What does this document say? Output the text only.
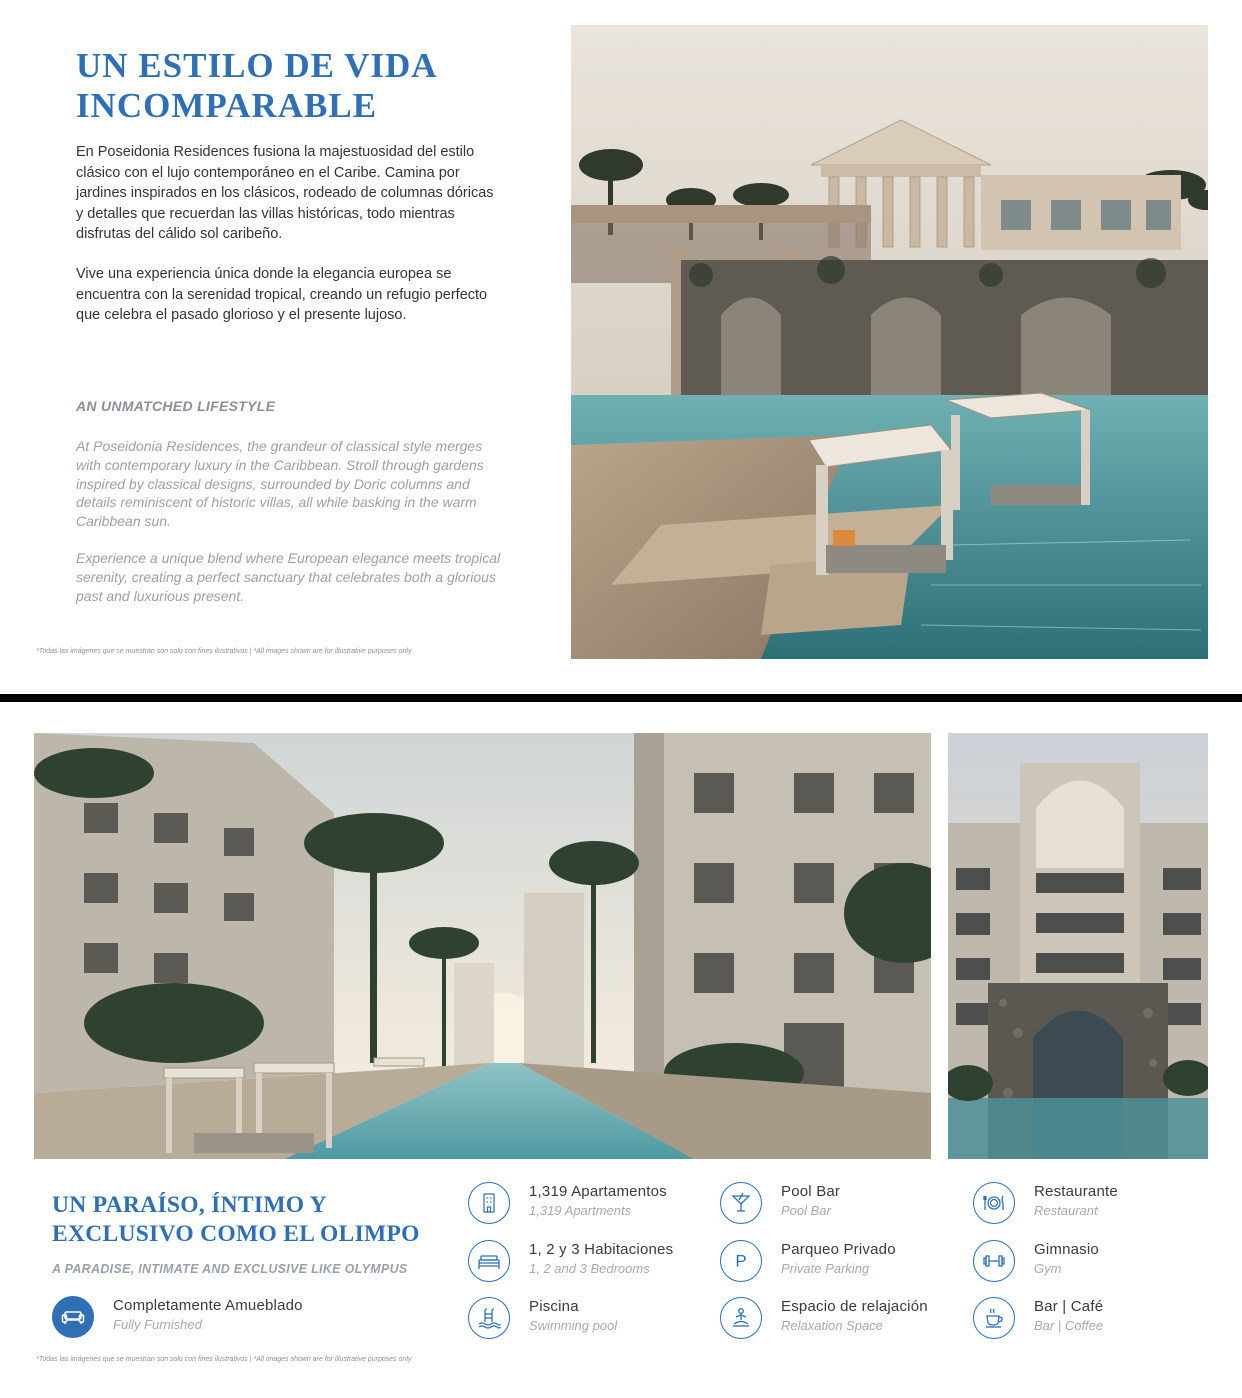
UN ESTILO DE VIDA
INCOMPARABLE

En Poseidonia Residences fusiona la majestuosidad del estilo clásico con el lujo contemporáneo en el Caribe. Camina por jardines inspirados en los clásicos, rodeado de columnas dóricas y detalles que recuerdan las villas históricas, todo mientras disfrutas del cálido sol caribeño.

Vive una experiencia única donde la elegancia europea se encuentra con la serenidad tropical, creando un refugio perfecto que celebra el pasado glorioso y el presente lujoso.

AN UNMATCHED LIFESTYLE

At Poseidonia Residences, the grandeur of classical style merges with contemporary luxury in the Caribbean. Stroll through gardens inspired by classical designs, surrounded by Doric columns and details reminiscent of historic villas, all while basking in the warm Caribbean sun.

Experience a unique blend where European elegance meets tropical serenity, creating a perfect sanctuary that celebrates both a glorious past and luxurious present.

*Todas las imágenes que se muestran son solo con fines ilustrativos | *All images shown are for illustrative purposes only
UN PARAÍSO, ÍNTIMO Y
EXCLUSIVO COMO EL OLIMPO
A PARADISE, INTIMATE AND EXCLUSIVE LIKE OLYMPUS
Completamente Amueblado
Fully Furnished
1,319 Apartamentos
1,319 Apartments
1, 2 y 3 Habitaciones
1, 2 and 3 Bedrooms
Piscina
Swimming pool
Pool Bar
Pool Bar
P
Parqueo Privado
Private Parking
Espacio de relajación
Relaxation Space
Restaurante
Restaurant
Gimnasio
Gym
Bar | Café
Bar | Coffee
*Todas las imágenes que se muestran son solo con fines ilustrativos | *All images shown are for illustrative purposes only
